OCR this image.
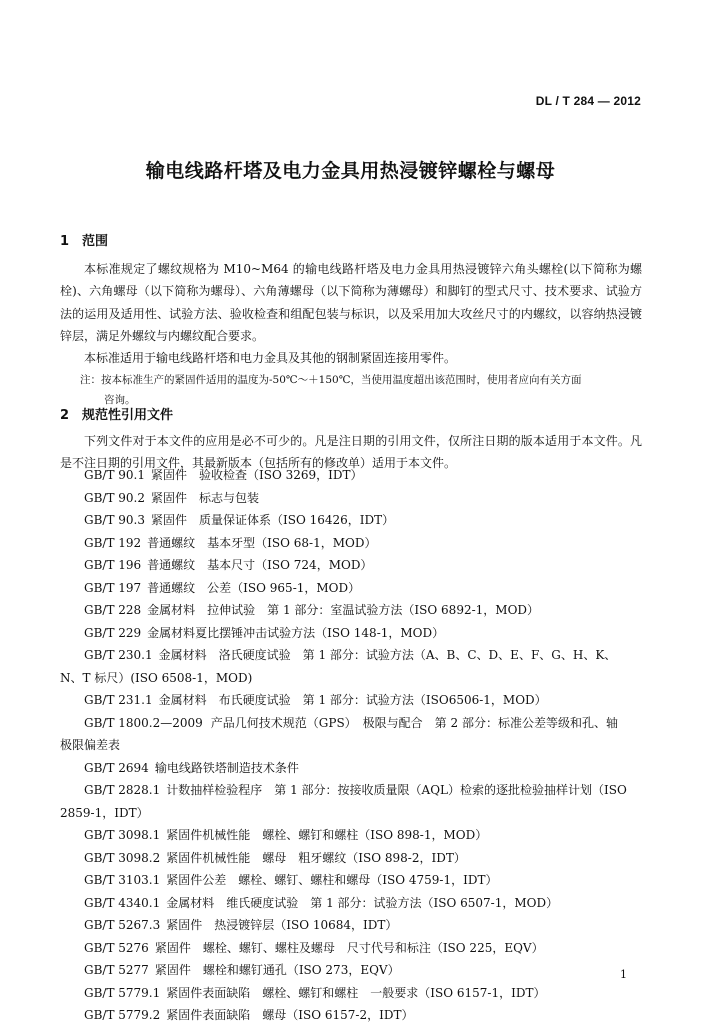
DL / T 284 — 2012
输电线路杆塔及电力金具用热浸镀锌螺栓与螺母
1 范围
本标准规定了螺纹规格为 M10~M64 的输电线路杆塔及电力金具用热浸镀锌六角头螺栓(以下简称为螺栓)、六角螺母（以下简称为螺母）、六角薄螺母（以下简称为薄螺母）和脚钉的型式尺寸、技术要求、试验方法的运用及适用性、试验方法、验收检查和组配包装与标识，以及采用加大攻丝尺寸的内螺纹，以容纳热浸镀锌层，满足外螺纹与内螺纹配合要求。
本标准适用于输电线路杆塔和电力金具及其他的钢制紧固连接用零件。
注：按本标准生产的紧固件适用的温度为-50℃～＋150℃，当使用温度超出该范围时，使用者应向有关方面
咨询。
2 规范性引用文件
下列文件对于本文件的应用是必不可少的。凡是注日期的引用文件，仅所注日期的版本适用于本文件。凡是不注日期的引用文件，其最新版本（包括所有的修改单）适用于本文件。
GB/T 90.1 紧固件　验收检查（ISO 3269，IDT）
GB/T 90.2 紧固件　标志与包装
GB/T 90.3 紧固件　质量保证体系（ISO 16426，IDT）
GB/T 192 普通螺纹　基本牙型（ISO 68-1，MOD）
GB/T 196 普通螺纹　基本尺寸（ISO 724，MOD）
GB/T 197 普通螺纹　公差（ISO 965-1，MOD）
GB/T 228 金属材料　拉伸试验　第 1 部分：室温试验方法（ISO 6892-1，MOD）
GB/T 229 金属材料夏比摆锤冲击试验方法（ISO 148-1，MOD）
GB/T 230.1 金属材料　洛氏硬度试验　第 1 部分：试验方法（A、B、C、D、E、F、G、H、K、
N、T 标尺）(ISO 6508-1，MOD)
GB/T 231.1 金属材料　布氏硬度试验　第 1 部分：试验方法（ISO6506-1，MOD）
GB/T 1800.2—2009 产品几何技术规范（GPS）　极限与配合　第 2 部分：标准公差等级和孔、轴
极限偏差表
GB/T 2694 输电线路铁塔制造技术条件
GB/T 2828.1 计数抽样检验程序　第 1 部分：按接收质量限（AQL）检索的逐批检验抽样计划（ISO
2859-1，IDT）
GB/T 3098.1 紧固件机械性能　螺栓、螺钉和螺柱（ISO 898-1，MOD）
GB/T 3098.2 紧固件机械性能　螺母　粗牙螺纹（ISO 898-2，IDT）
GB/T 3103.1 紧固件公差　螺栓、螺钉、螺柱和螺母（ISO 4759-1，IDT）
GB/T 4340.1 金属材料　维氏硬度试验　第 1 部分：试验方法（ISO 6507-1，MOD）
GB/T 5267.3 紧固件　热浸镀锌层（ISO 10684，IDT）
GB/T 5276 紧固件　螺栓、螺钉、螺柱及螺母　尺寸代号和标注（ISO 225，EQV）
GB/T 5277 紧固件　螺栓和螺钉通孔（ISO 273，EQV）
GB/T 5779.1 紧固件表面缺陷　螺栓、螺钉和螺柱　一般要求（ISO 6157-1，IDT）
GB/T 5779.2 紧固件表面缺陷　螺母（ISO 6157-2，IDT）
1
